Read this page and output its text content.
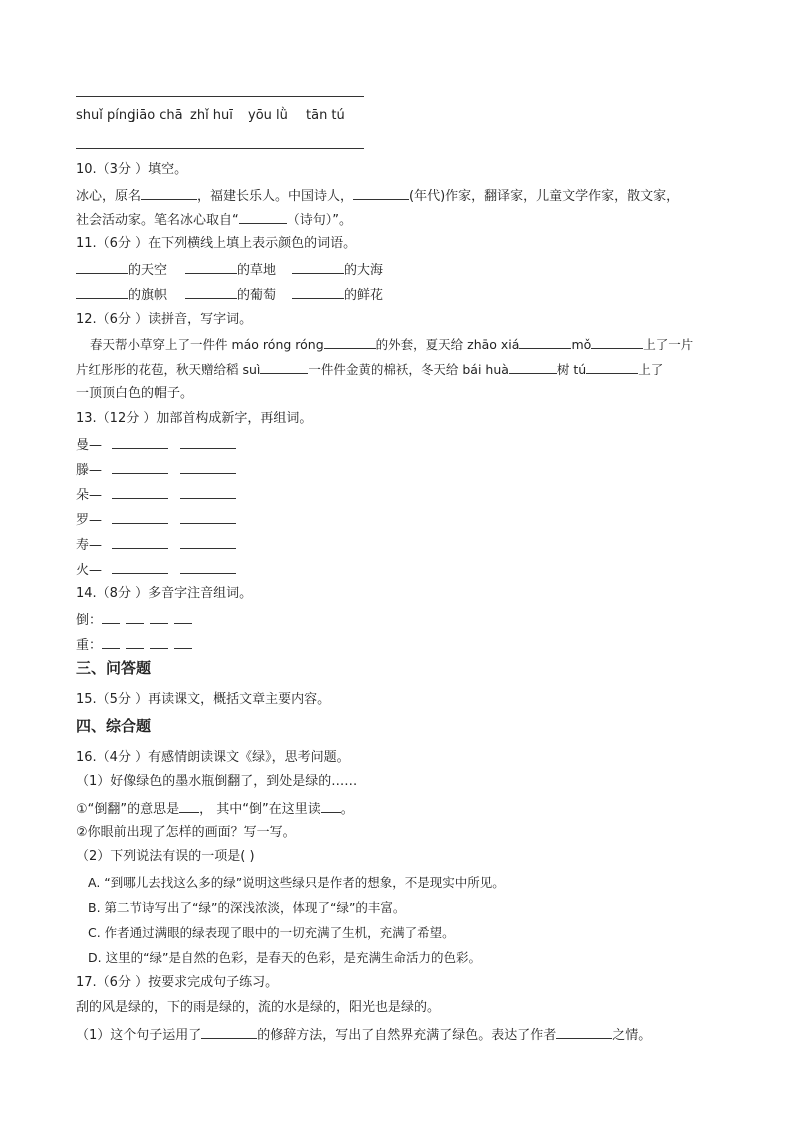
shuǐ píngjiāo chā zhǐ huī yōu lǜ tān tú
10.（3分 ）填空。
冰心，原名	，福建长乐人。中国诗人，	(年代)作家，翻译家，儿童文学作家，散文家，
社会活动家。笔名冰心取自“	（诗句）”。
11.（6分 ）在下列横线上填上表示颜色的词语。
的天空	的草地	的大海
的旗帜	的葡萄	的鲜花
12.（6分 ）读拼音，写字词。
春天帮小草穿上了一件件 máo róng róng	的外套，夏天给 zhāo xiá	mǒ	上了一片
片红彤彤的花苞，秋天赠给稻 suì	一件件金黄的棉袄，冬天给 bái huà	树 tú	上了
一顶顶白色的帽子。
13.（12分 ）加部首构成新字，再组词。
曼—
滕—
朵—
罗—
寿—
火—
14.（8分 ）多音字注音组词。
倒：
重：
三、问答题
15.（5分 ）再读课文，概括文章主要内容。
四、综合题
16.（4分 ）有感情朗读课文《绿》，思考问题。
（1）好像绿色的墨水瓶倒翻了，到处是绿的……
①“倒翻”的意思是 ， 其中“倒”在这里读 。
②你眼前出现了怎样的画面？写一写。
（2）下列说法有误的一项是( )
A. “到哪儿去找这么多的绿”说明这些绿只是作者的想象，不是现实中所见。
B. 第二节诗写出了“绿”的深浅浓淡，体现了“绿”的丰富。
C. 作者通过满眼的绿表现了眼中的一切充满了生机，充满了希望。
D. 这里的“绿”是自然的色彩，是春天的色彩，是充满生命活力的色彩。
17.（6分 ）按要求完成句子练习。
刮的风是绿的，下的雨是绿的，流的水是绿的，阳光也是绿的。
（1）这个句子运用了	的修辞方法，写出了自然界充满了绿色。表达了作者	之情。
